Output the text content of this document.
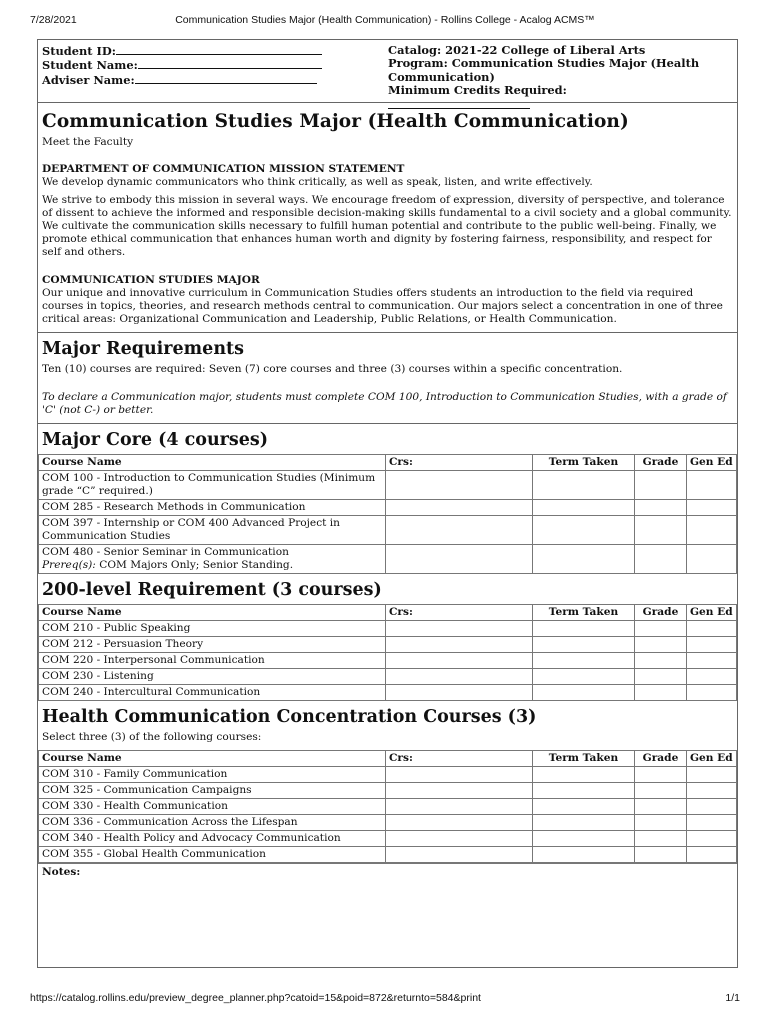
7/28/2021	Communication Studies Major (Health Communication) - Rollins College - Acalog ACMS™
Student ID:
Student Name:
Adviser Name:
Catalog: 2021-22 College of Liberal Arts
Program: Communication Studies Major (Health
Communication)
Minimum Credits Required:
Communication Studies Major (Health Communication)

Meet the Faculty

DEPARTMENT OF COMMUNICATION MISSION STATEMENT

We develop dynamic communicators who think critically, as well as speak, listen, and write effectively.

We strive to embody this mission in several ways. We encourage freedom of expression, diversity of perspective, and tolerance of dissent to achieve the informed and responsible decision-making skills fundamental to a civil society and a global community. We cultivate the communication skills necessary to fulfill human potential and contribute to the public well-being. Finally, we promote ethical communication that enhances human worth and dignity by fostering fairness, responsibility, and respect for self and others.

COMMUNICATION STUDIES MAJOR

Our unique and innovative curriculum in Communication Studies offers students an introduction to the field via required courses in topics, theories, and research methods central to communication. Our majors select a concentration in one of three critical areas: Organizational Communication and Leadership, Public Relations, or Health Communication.

Major Requirements

Ten (10) courses are required: Seven (7) core courses and three (3) courses within a specific concentration.

To declare a Communication major, students must complete COM 100, Introduction to Communication Studies, with a grade of 'C' (not C-) or better.

Major Core (4 courses)
Course Name	Crs:	Term Taken	Grade	Gen Ed
COM 100 - Introduction to Communication Studies (Minimum grade “C” required.)				
COM 285 - Research Methods in Communication				
COM 397 - Internship or COM 400 Advanced Project in Communication Studies				
COM 480 - Senior Seminar in Communication
Prereq(s): COM Majors Only; Senior Standing.				
200-level Requirement (3 courses)
Course Name	Crs:	Term Taken	Grade	Gen Ed
COM 210 - Public Speaking				
COM 212 - Persuasion Theory				
COM 220 - Interpersonal Communication				
COM 230 - Listening				
COM 240 - Intercultural Communication				
Health Communication Concentration Courses (3)

Select three (3) of the following courses:

Course Name	Crs:	Term Taken	Grade	Gen Ed
COM 310 - Family Communication				
COM 325 - Communication Campaigns				
COM 330 - Health Communication				
COM 336 - Communication Across the Lifespan				
COM 340 - Health Policy and Advocacy Communication				
COM 355 - Global Health Communication				
Notes:
https://catalog.rollins.edu/preview_degree_planner.php?catoid=15&poid=872&returnto=584&print	1/1
